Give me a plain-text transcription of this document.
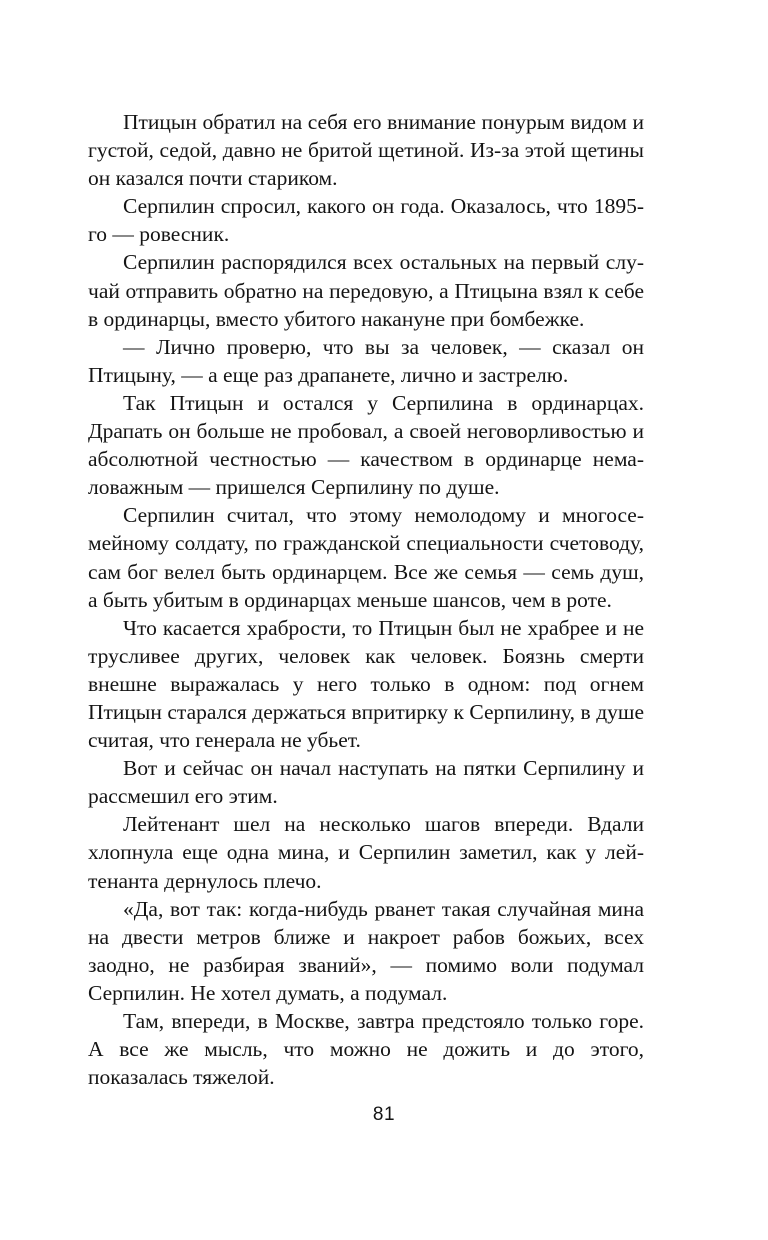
Птицын обратил на себя его внимание понурым видом и густой, седой, давно не бритой щетиной. Из-за этой щетины он казался почти стариком.

Серпилин спросил, какого он года. Оказалось, что 1895-го — ровесник.

Серпилин распорядился всех остальных на первый случай отправить обратно на передовую, а Птицына взял к себе в ординарцы, вместо убитого накануне при бомбежке.

— Лично проверю, что вы за человек, — сказал он Птицыну, — а еще раз драпанете, лично и застрелю.

Так Птицын и остался у Серпилина в ординарцах. Драпать он больше не пробовал, а своей неговорливостью и абсолютной честностью — качеством в ординарце немаловажным — пришелся Серпилину по душе.

Серпилин считал, что этому немолодому и многосемейному солдату, по гражданской специальности счетоводу, сам бог велел быть ординарцем. Все же семья — семь душ, а быть убитым в ординарцах меньше шансов, чем в роте.

Что касается храбрости, то Птицын был не храбрее и не трусливее других, человек как человек. Боязнь смерти внешне выражалась у него только в одном: под огнем Птицын старался держаться впритирку к Серпилину, в душе считая, что генерала не убьет.

Вот и сейчас он начал наступать на пятки Серпилину и рассмешил его этим.

Лейтенант шел на несколько шагов впереди. Вдали хлопнула еще одна мина, и Серпилин заметил, как у лейтенанта дернулось плечо.

«Да, вот так: когда-нибудь рванет такая случайная мина на двести метров ближе и накроет рабов божьих, всех заодно, не разбирая званий», — помимо воли подумал Серпилин. Не хотел думать, а подумал.

Там, впереди, в Москве, завтра предстояло только горе. А все же мысль, что можно не дожить и до этого, показалась тяжелой.

81
